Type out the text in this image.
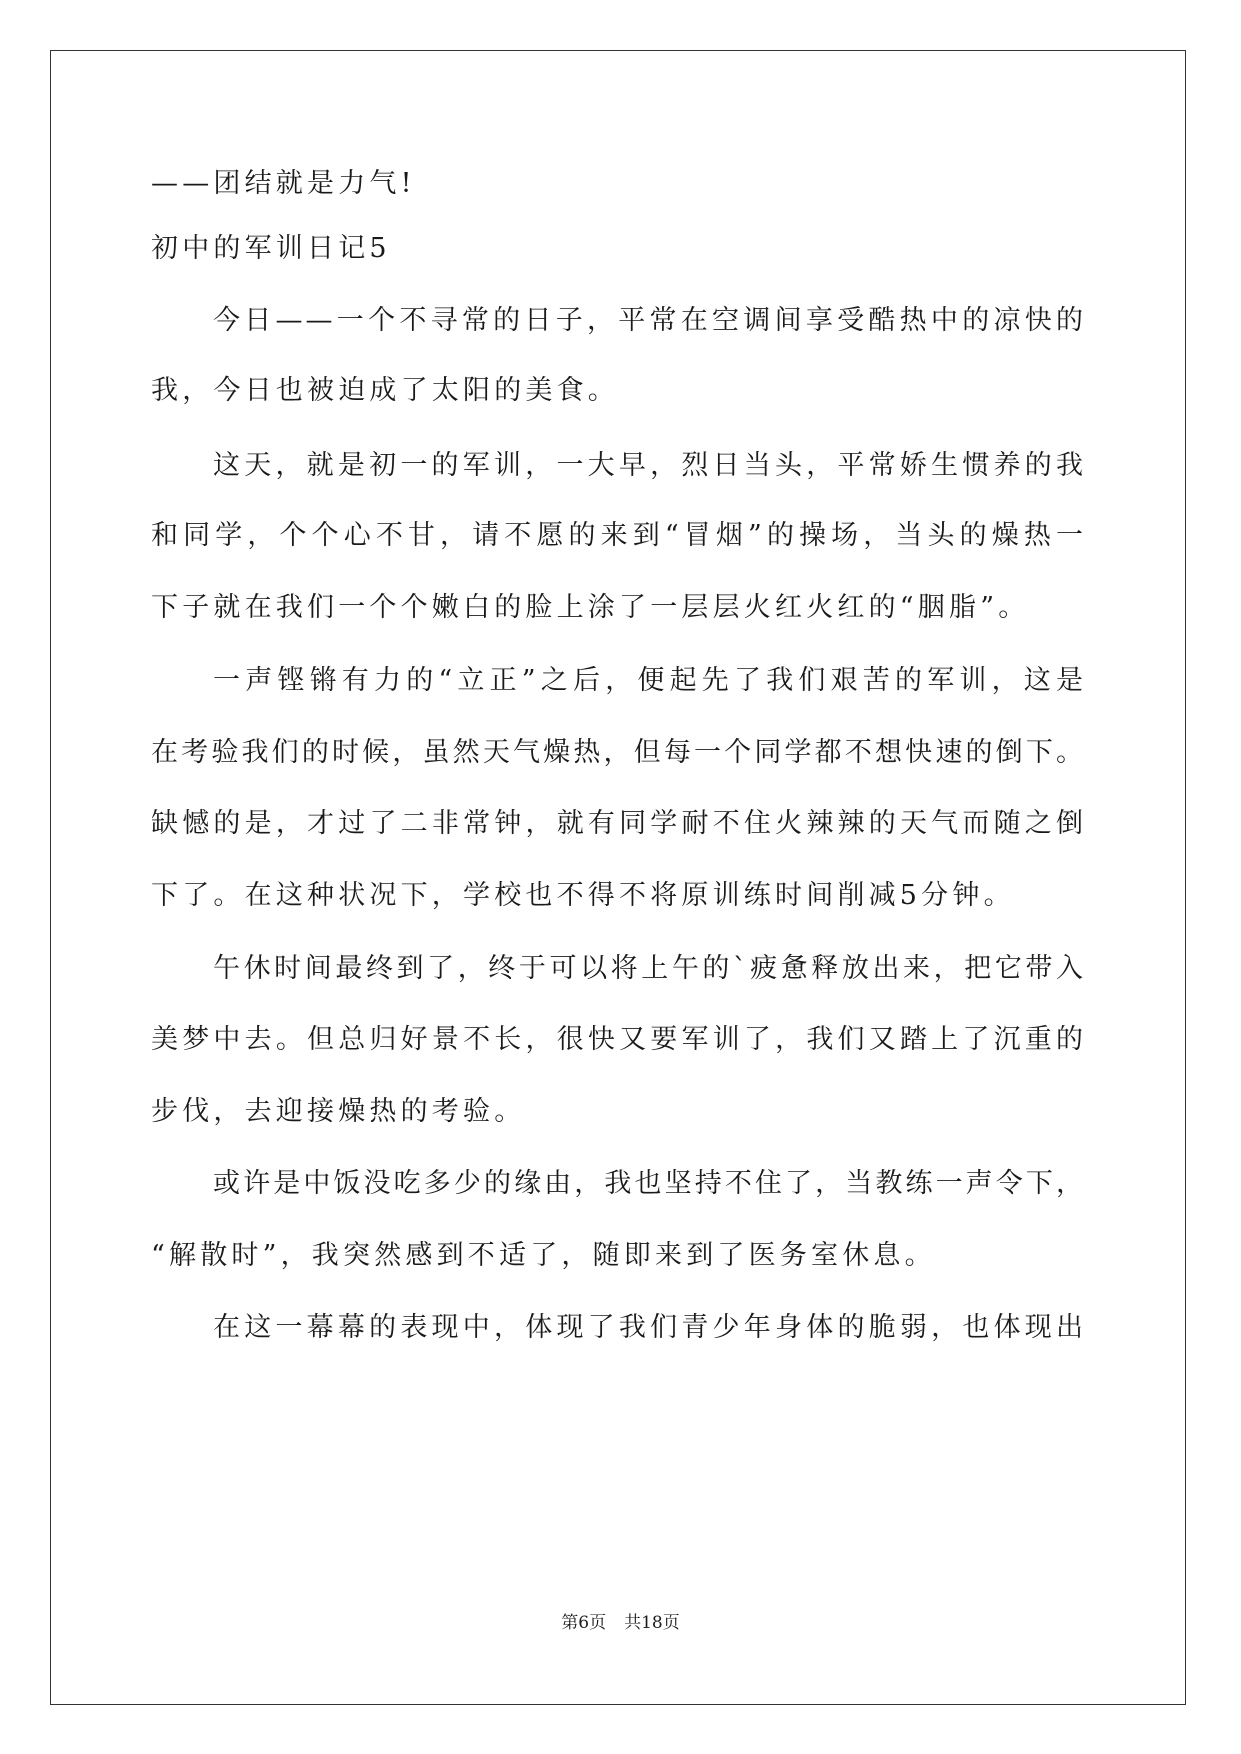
——团结就是力气!
初中的军训日记5
今日——一个不寻常的日子，平常在空调间享受酷热中的凉快的
我，今日也被迫成了太阳的美食。
这天，就是初一的军训，一大早，烈日当头，平常娇生惯养的我
和同学，个个心不甘，请不愿的来到“冒烟”的操场，当头的燥热一
下子就在我们一个个嫩白的脸上涂了一层层火红火红的“胭脂”。
一声铿锵有力的“立正”之后，便起先了我们艰苦的军训，这是
在考验我们的时候，虽然天气燥热，但每一个同学都不想快速的倒下。
缺憾的是，才过了二非常钟，就有同学耐不住火辣辣的天气而随之倒
下了。在这种状况下，学校也不得不将原训练时间削减5分钟。
午休时间最终到了，终于可以将上午的`疲惫释放出来，把它带入
美梦中去。但总归好景不长，很快又要军训了，我们又踏上了沉重的
步伐，去迎接燥热的考验。
或许是中饭没吃多少的缘由，我也坚持不住了，当教练一声令下，
“解散时”，我突然感到不适了，随即来到了医务室休息。
在这一幕幕的表现中，体现了我们青少年身体的脆弱，也体现出
第6页 共18页
